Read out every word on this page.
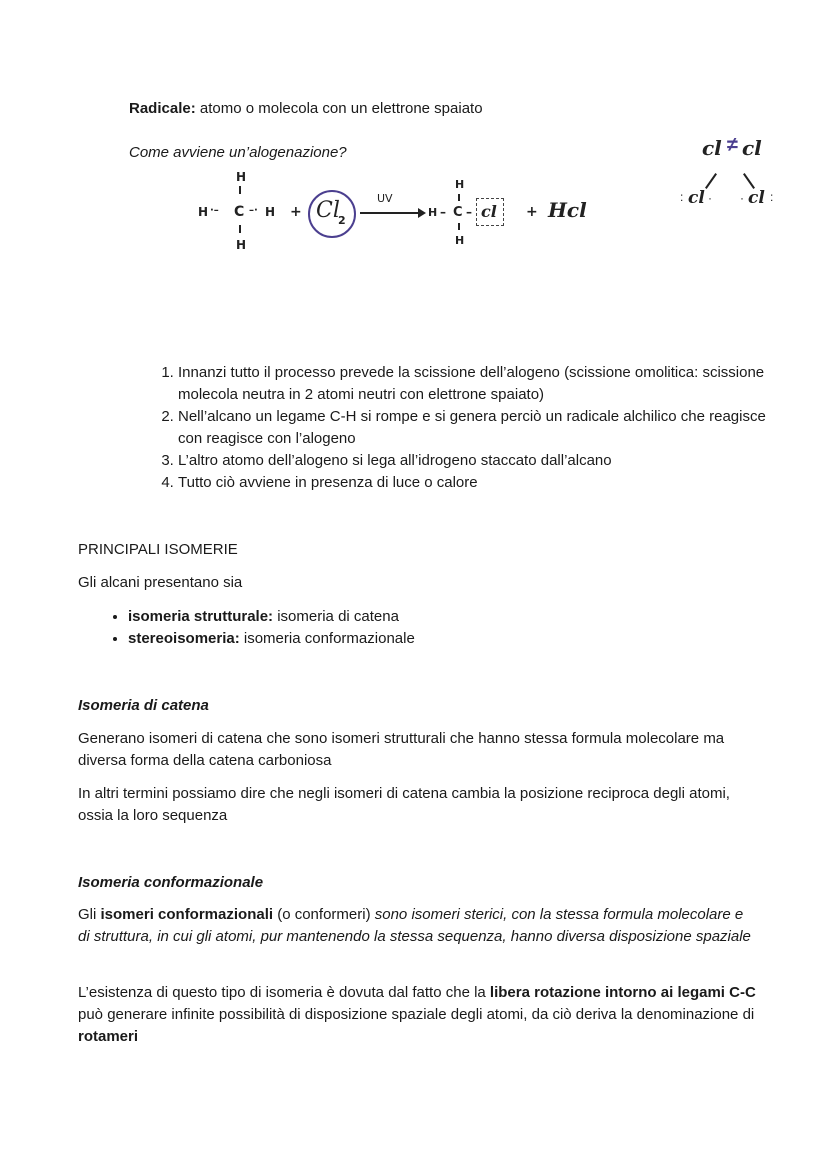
Radicale: atomo o molecola con un elettrone spaiato
Come avviene un’alogenazione?
H
H ·– C –· H
H
+ Cl
2
UV
H
H – C – cl
H
+ Hcl
cl ≠ cl
: cl · · cl :
1. Innanzi tutto il processo prevede la scissione dell’alogeno (scissione omolitica: scissione molecola neutra in 2 atomi neutri con elettrone spaiato)
2. Nell’alcano un legame C-H si rompe e si genera perciò un radicale alchilico che reagisce con reagisce con l’alogeno
3. L’altro atomo dell’alogeno si lega all’idrogeno staccato dall’alcano
4. Tutto ciò avviene in presenza di luce o calore
PRINCIPALI ISOMERIE
Gli alcani presentano sia
• isomeria strutturale: isomeria di catena
• stereoisomeria: isomeria conformazionale
Isomeria di catena

Generano isomeri di catena che sono isomeri strutturali che hanno stessa formula molecolare ma diversa forma della catena carboniosa

In altri termini possiamo dire che negli isomeri di catena cambia la posizione reciproca degli atomi, ossia la loro sequenza

Isomeria conformazionale

Gli isomeri conformazionali (o conformeri) sono isomeri sterici, con la stessa formula molecolare e di struttura, in cui gli atomi, pur mantenendo la stessa sequenza, hanno diversa disposizione spaziale

L’esistenza di questo tipo di isomeria è dovuta dal fatto che la libera rotazione intorno ai legami C-C può generare infinite possibilità di disposizione spaziale degli atomi, da ciò deriva la denominazione di rotameri
